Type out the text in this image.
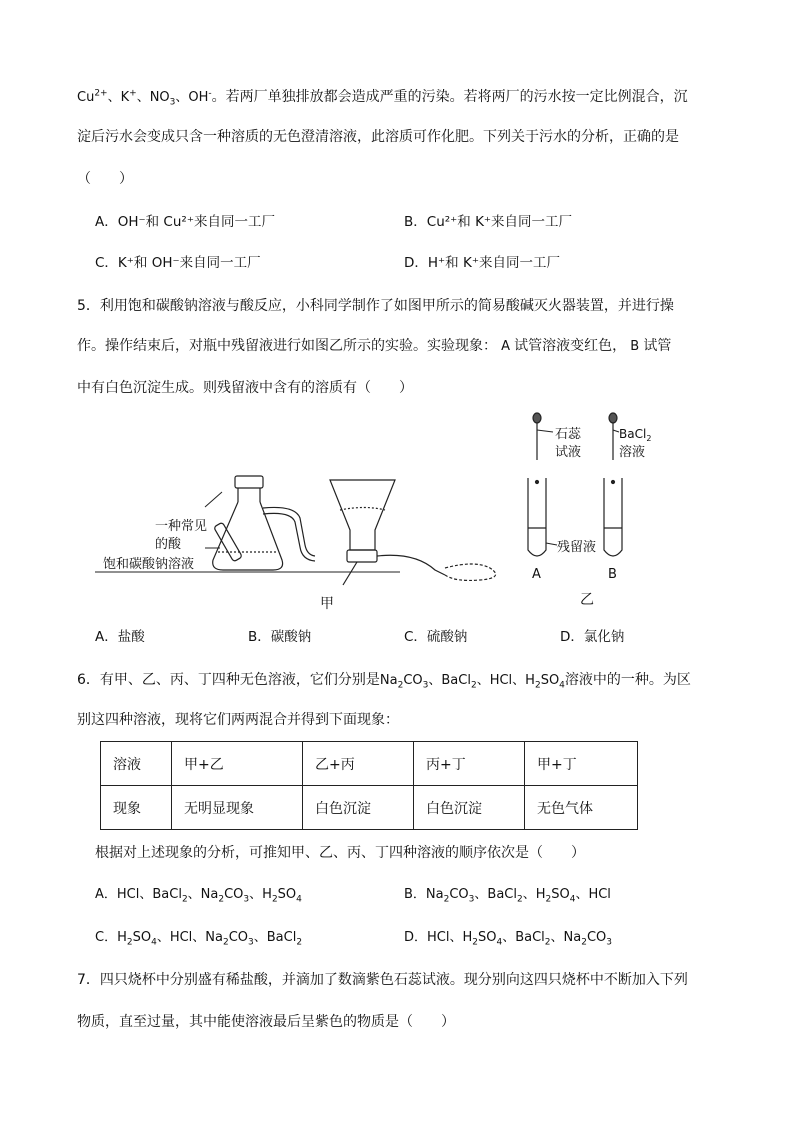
$Cu^{2+}$、K+、$NO_3$、OH-。若两厂单独排放都会造成严重的污染。若将两厂的污水按一定比例混合，沉
淀后污水会变成只含一种溶质的无色澄清溶液，此溶质可作化肥。下列关于污水的分析，正确的是
（　　）
A．OH⁻和 Cu²⁺来自同一工厂	B．Cu²⁺和 K⁺来自同一工厂
C．K⁺和 OH⁻来自同一工厂	D．H⁺和 K⁺来自同一工厂
5．利用饱和碳酸钠溶液与酸反应，小科同学制作了如图甲所示的简易酸碱灭火器装置，并进行操
作。操作结束后，对瓶中残留液进行如图乙所示的实验。实验现象： A 试管溶液变红色， B 试管
中有白色沉淀生成。则残留液中含有的溶质有（　　）
一种常见
的酸
饱和碳酸钠溶液
甲
石蕊
试液
残留液
BaCl$_2$
溶液
A	B
乙
A．盐酸	B．碳酸钠	C．硫酸钠	D．氯化钠
6．有甲、乙、丙、丁四种无色溶液，它们分别是$Na_2CO_3$、BaCl$_2$、HCl、$H_2SO_4$溶液中的一种。为区
别这四种溶液，现将它们两两混合并得到下面现象：
溶液	甲+乙	乙+丙	丙+丁	甲+丁
现象	无明显现象	白色沉淀	白色沉淀	无色气体
根据对上述现象的分析，可推知甲、乙、丙、丁四种溶液的顺序依次是（　　）
A．HCl、BaCl$_2$、$Na_2CO_3$、$H_2SO_4$	B．$Na_2CO_3$、BaCl$_2$、$H_2SO_4$、HCl
C．$H_2SO_4$、HCl、$Na_2CO_3$、BaCl$_2$	D．HCl、$H_2SO_4$、BaCl$_2$、$Na_2CO_3$
7．四只烧杯中分别盛有稀盐酸，并滴加了数滴紫色石蕊试液。现分别向这四只烧杯中不断加入下列
物质，直至过量，其中能使溶液最后呈紫色的物质是（　　）
